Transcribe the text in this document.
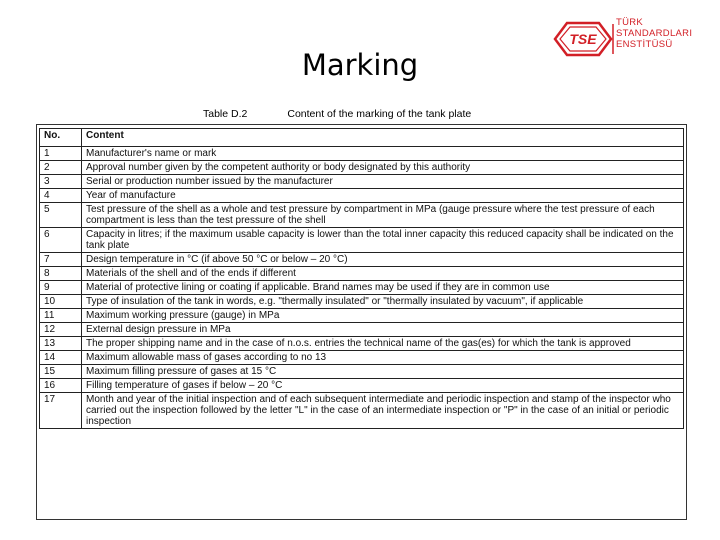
Marking
TSE
TÜRK
STANDARDLARI
ENSTİTÜSÜ
Table D.2	Content of the marking of the tank plate
No.	Content
1	Manufacturer's name or mark
2	Approval number given by the competent authority or body designated by this authority
3	Serial or production number issued by the manufacturer
4	Year of manufacture
5	Test pressure of the shell as a whole and test pressure by compartment in MPa (gauge pressure where the test pressure of each compartment is less than the test pressure of the shell
6	Capacity in litres; if the maximum usable capacity is lower than the total inner capacity this reduced capacity shall be indicated on the tank plate
7	Design temperature in °C (if above 50 °C or below – 20 °C)
8	Materials of the shell and of the ends if different
9	Material of protective lining or coating if applicable. Brand names may be used if they are in common use
10	Type of insulation of the tank in words, e.g. "thermally insulated" or "thermally insulated by vacuum", if applicable
11	Maximum working pressure (gauge) in MPa
12	External design pressure in MPa
13	The proper shipping name and in the case of n.o.s. entries the technical name of the gas(es) for which the tank is approved
14	Maximum allowable mass of gases according to no 13
15	Maximum filling pressure of gases at 15 °C
16	Filling temperature of gases if below – 20 °C
17	Month and year of the initial inspection and of each subsequent intermediate and periodic inspection and stamp of the inspector who carried out the inspection followed by the letter "L" in the case of an intermediate inspection or "P" in the case of an initial or periodic inspection
